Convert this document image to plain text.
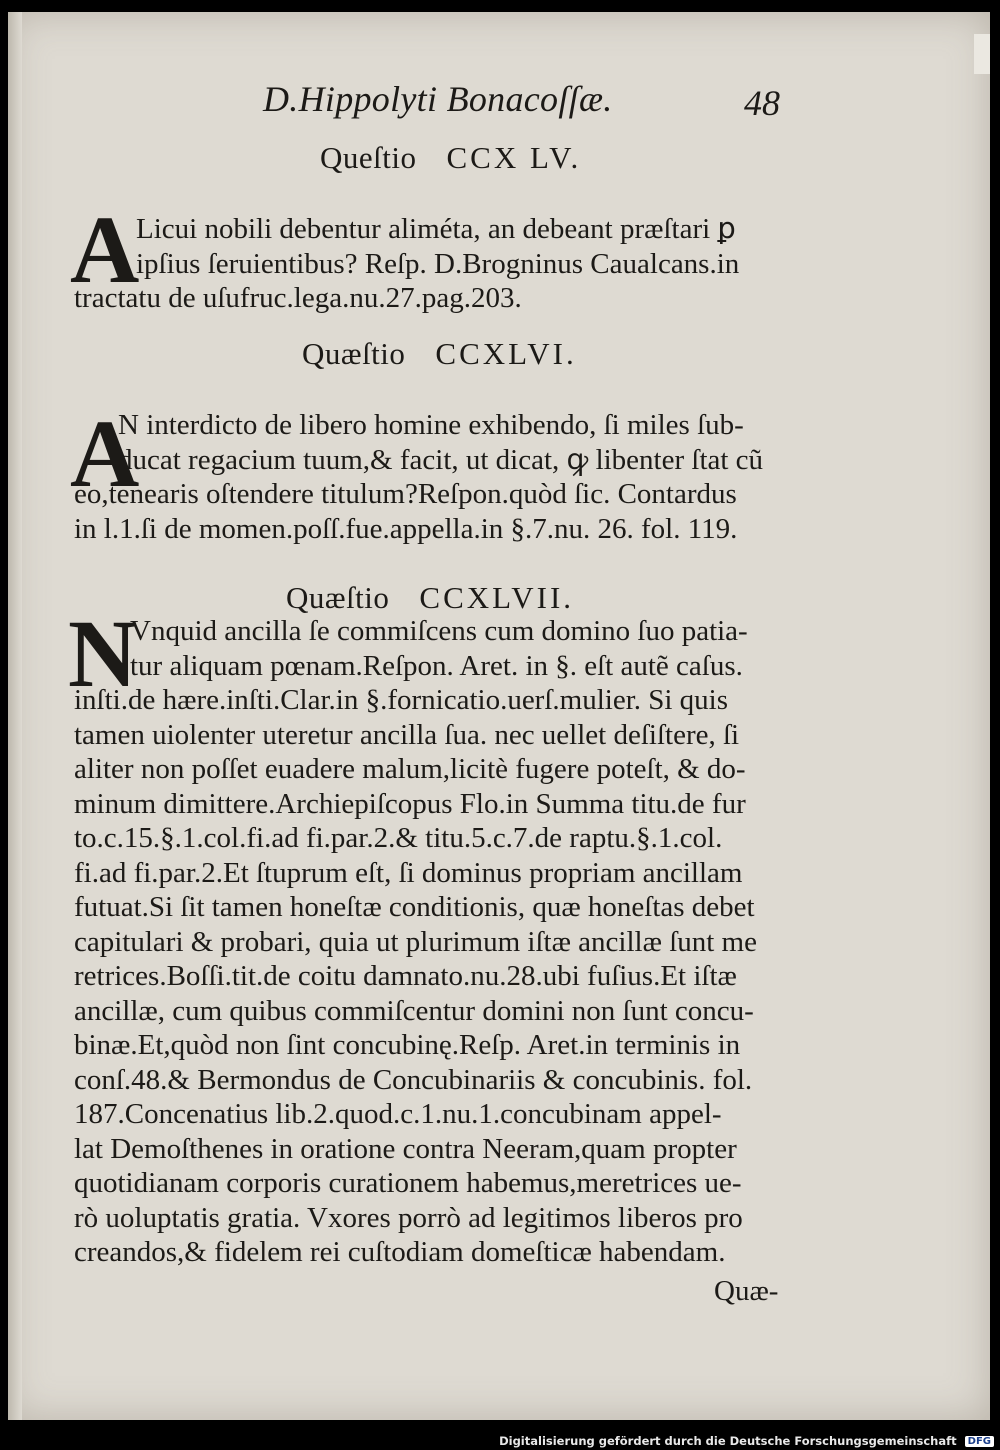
D.Hippolyti Bonacoſſæ.	48
Queſtio CCX LV.
A
Licui nobili debentur aliméta, an debeant præſtari ꝑ
ipſius ſeruientibus? Reſp. D.Brogninus Caualcans.in
tractatu de uſufruc.lega.nu.27.pag.203.
Quæſtio CCXLVI.
A
N interdicto de libero homine exhibendo, ſi miles ſub-
ducat regacium tuum,& facit, ut dicat, ꝙ libenter ſtat cũ
eo,tenearis oſtendere titulum?Reſpon.quòd ſic. Contardus
in l.1.ſi de momen.poſſ.fue.appella.in §.7.nu. 26. fol. 119.
Quæſtio CCXLVII.
N
Vnquid ancilla ſe commiſcens cum domino ſuo patia-
tur aliquam pœnam.Reſpon. Aret. in §. eſt autẽ caſus.
inſti.de hære.inſti.Clar.in §.fornicatio.uerſ.mulier. Si quis
tamen uiolenter uteretur ancilla ſua. nec uellet deſiſtere, ſi
aliter non poſſet euadere malum,licitè fugere poteſt, & do-
minum dimittere.Archiepiſcopus Flo.in Summa titu.de fur
to.c.15.§.1.col.fi.ad fi.par.2.& titu.5.c.7.de raptu.§.1.col.
fi.ad fi.par.2.Et ſtuprum eſt, ſi dominus propriam ancillam
futuat.Si ſit tamen honeſtæ conditionis, quæ honeſtas debet
capitulari & probari, quia ut plurimum iſtæ ancillæ ſunt me
retrices.Boſſi.tit.de coitu damnato.nu.28.ubi fuſius.Et iſtæ
ancillæ, cum quibus commiſcentur domini non ſunt concu-
binæ.Et,quòd non ſint concubinę.Reſp. Aret.in terminis in
conſ.48.& Bermondus de Concubinariis & concubinis. fol.
187.Concenatius lib.2.quod.c.1.nu.1.concubinam appel-
lat Demoſthenes in oratione contra Neeram,quam propter
quotidianam corporis curationem habemus,meretrices ue-
rò uoluptatis gratia. Vxores porrò ad legitimos liberos pro
creandos,& fidelem rei cuſtodiam domeſticæ habendam.
Quæ-
Digitalisierung gefördert durch die Deutsche Forschungsgemeinschaft DFG
